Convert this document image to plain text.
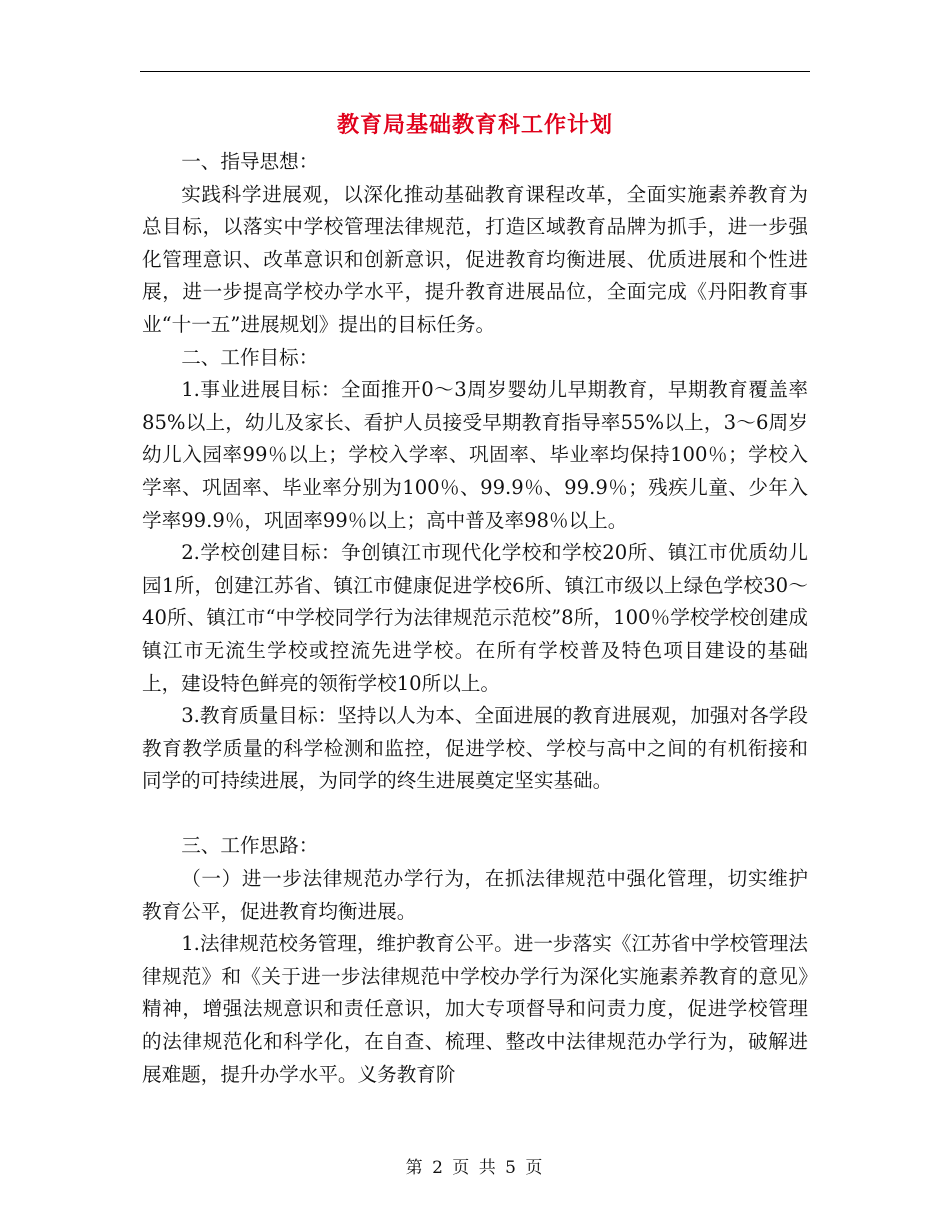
教育局基础教育科工作计划

一、指导思想：

实践科学进展观，以深化推动基础教育课程改革，全面实施素养教育为总目标，以落实中学校管理法律规范，打造区域教育品牌为抓手，进一步强化管理意识、改革意识和创新意识，促进教育均衡进展、优质进展和个性进展，进一步提高学校办学水平，提升教育进展品位，全面完成《丹阳教育事业“十一五”进展规划》提出的目标任务。

二、工作目标：

1.事业进展目标：全面推开0～3周岁婴幼儿早期教育，早期教育覆盖率85%以上，幼儿及家长、看护人员接受早期教育指导率55%以上，3～6周岁幼儿入园率99％以上；学校入学率、巩固率、毕业率均保持100％；学校入学率、巩固率、毕业率分别为100％、99.9％、99.9％；残疾儿童、少年入学率99.9％，巩固率99％以上；高中普及率98％以上。

2.学校创建目标：争创镇江市现代化学校和学校20所、镇江市优质幼儿园1所，创建江苏省、镇江市健康促进学校6所、镇江市级以上绿色学校30～40所、镇江市“中学校同学行为法律规范示范校”8所，100％学校学校创建成镇江市无流生学校或控流先进学校。在所有学校普及特色项目建设的基础上，建设特色鲜亮的领衔学校10所以上。

3.教育质量目标：坚持以人为本、全面进展的教育进展观，加强对各学段教育教学质量的科学检测和监控，促进学校、学校与高中之间的有机衔接和同学的可持续进展，为同学的终生进展奠定坚实基础。

三、工作思路：

（一）进一步法律规范办学行为，在抓法律规范中强化管理，切实维护教育公平，促进教育均衡进展。

1.法律规范校务管理，维护教育公平。进一步落实《江苏省中学校管理法律规范》和《关于进一步法律规范中学校办学行为深化实施素养教育的意见》精神，增强法规意识和责任意识，加大专项督导和问责力度，促进学校管理的法律规范化和科学化，在自查、梳理、整改中法律规范办学行为，破解进展难题，提升办学水平。义务教育阶

第 2 页 共 5 页
